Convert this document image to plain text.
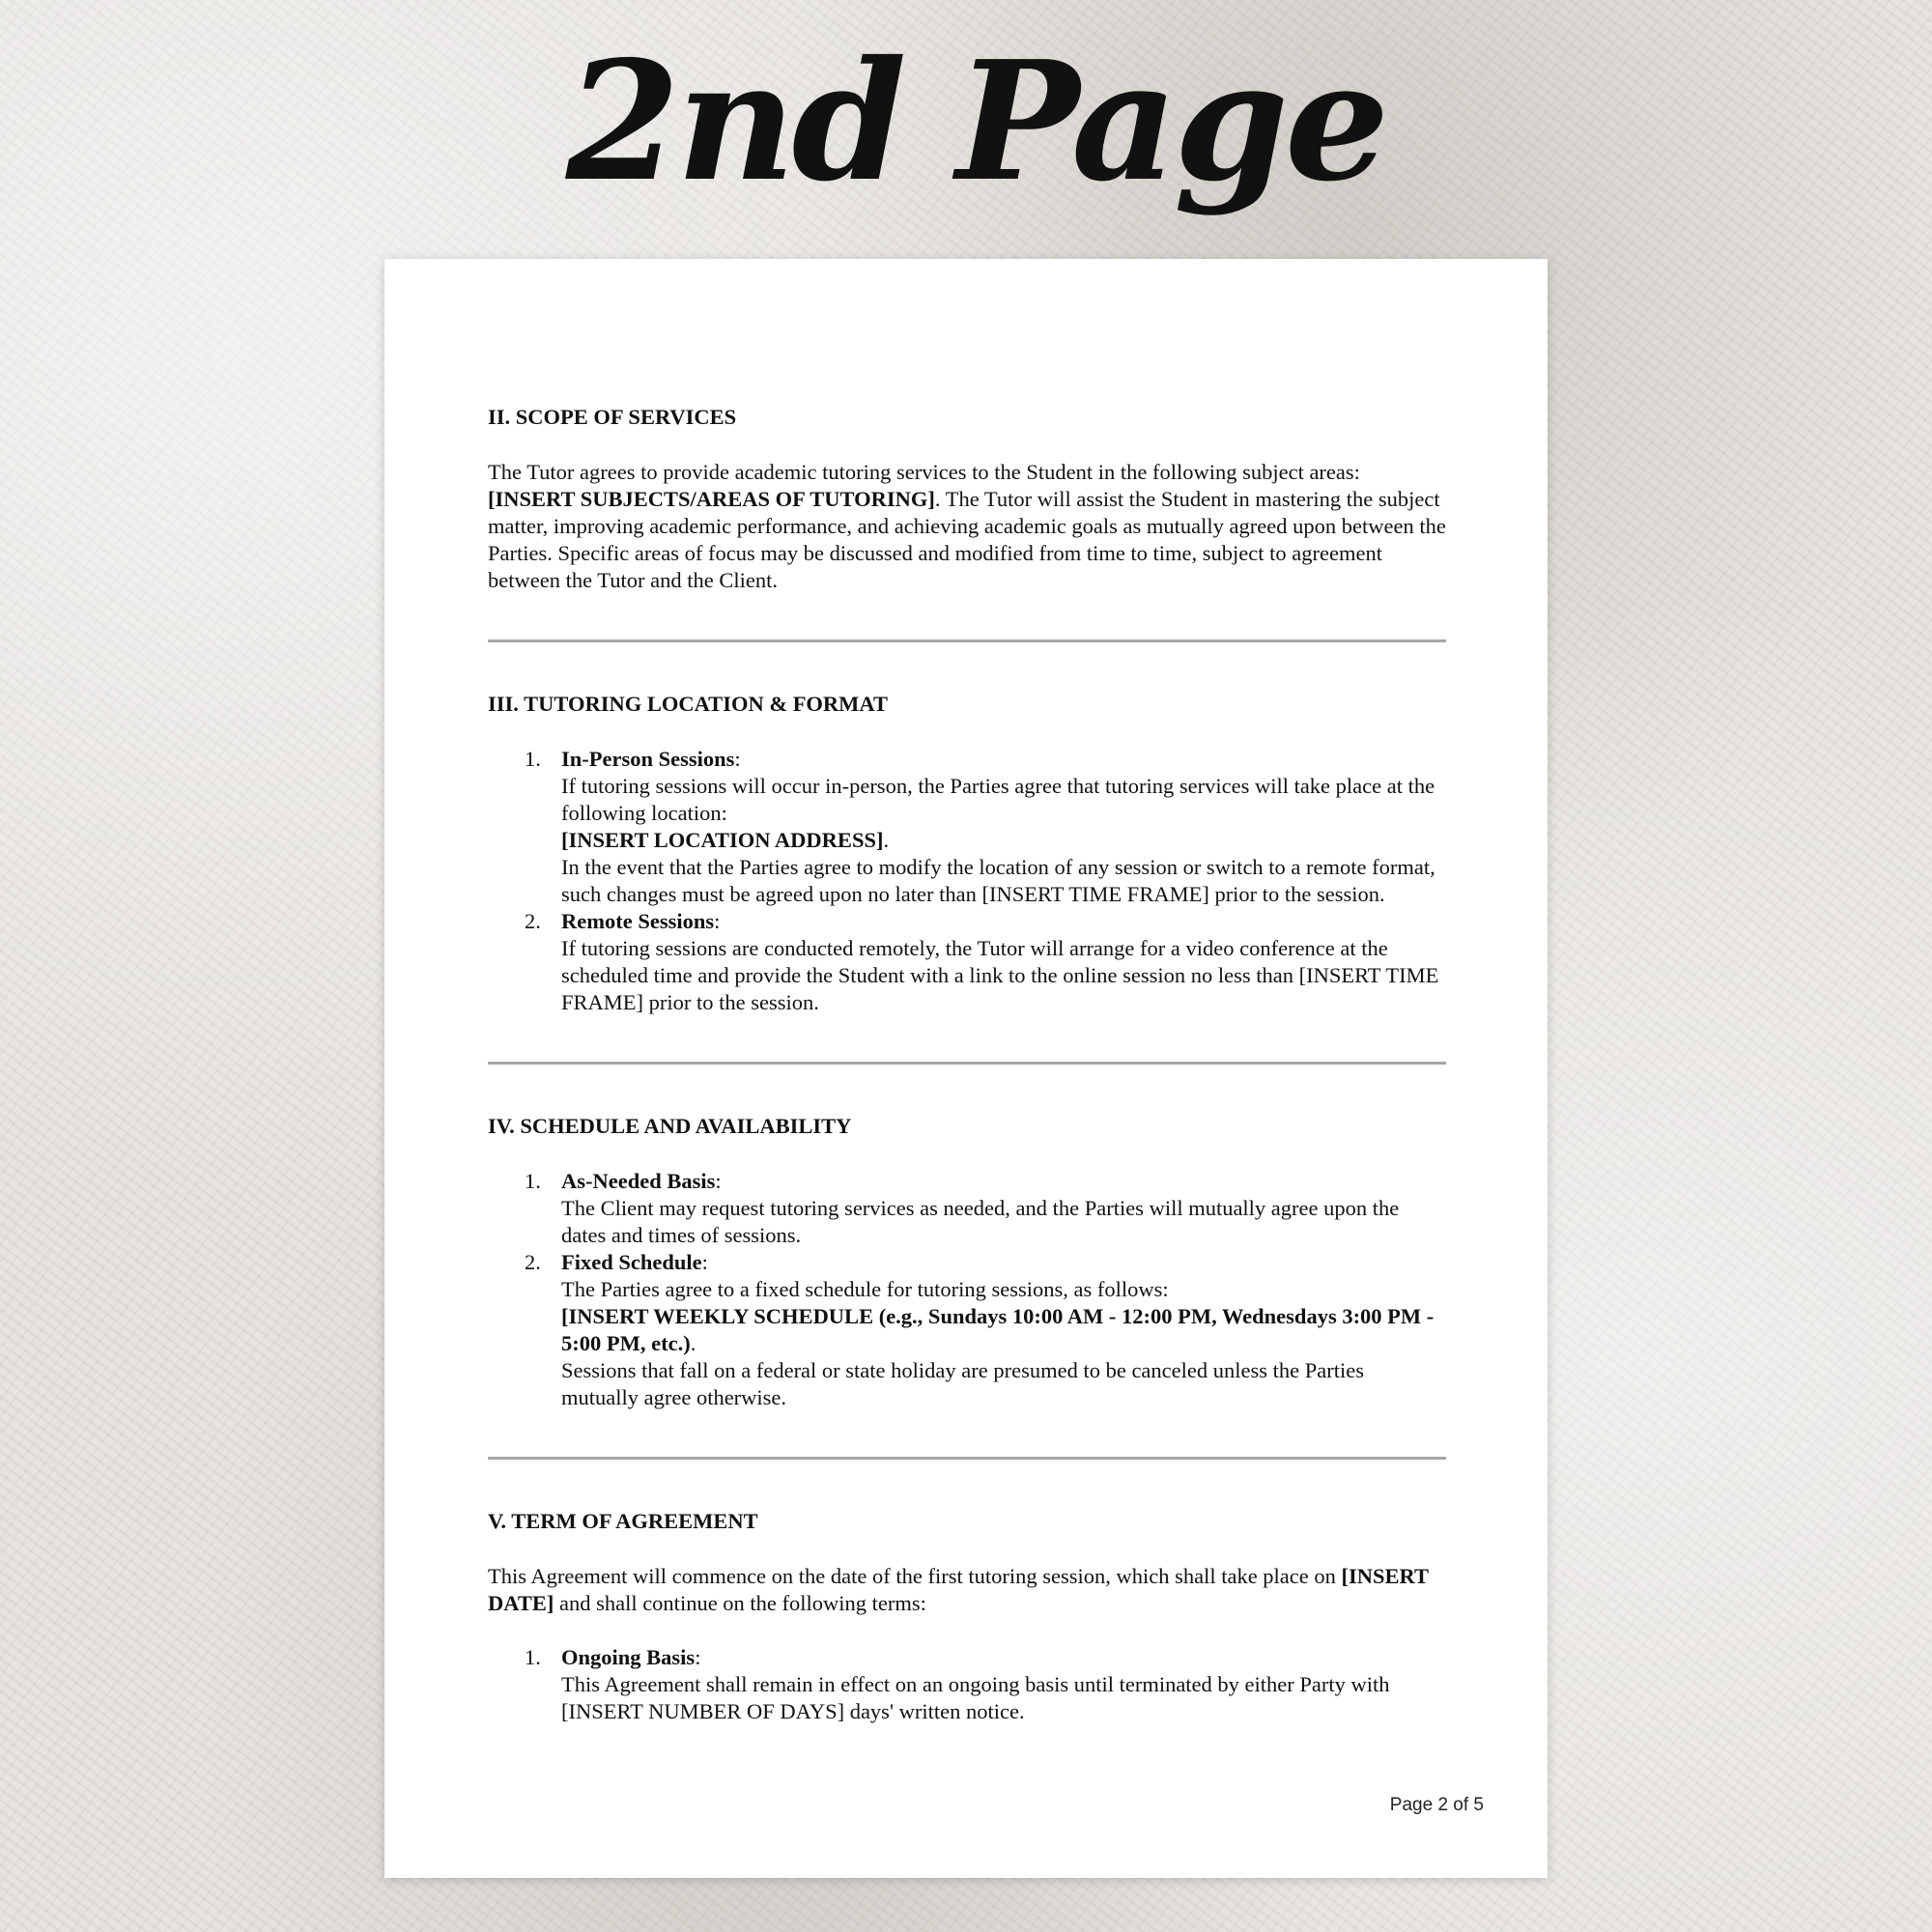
2nd Page

II. SCOPE OF SERVICES

The Tutor agrees to provide academic tutoring services to the Student in the following subject areas: [INSERT SUBJECTS/AREAS OF TUTORING]. The Tutor will assist the Student in mastering the subject matter, improving academic performance, and achieving academic goals as mutually agreed upon between the Parties. Specific areas of focus may be discussed and modified from time to time, subject to agreement between the Tutor and the Client.

III. TUTORING LOCATION & FORMAT

1. In-Person Sessions:
If tutoring sessions will occur in-person, the Parties agree that tutoring services will take place at the following location:
[INSERT LOCATION ADDRESS].
In the event that the Parties agree to modify the location of any session or switch to a remote format, such changes must be agreed upon no later than [INSERT TIME FRAME] prior to the session.
2. Remote Sessions:
If tutoring sessions are conducted remotely, the Tutor will arrange for a video conference at the scheduled time and provide the Student with a link to the online session no less than [INSERT TIME FRAME] prior to the session.

IV. SCHEDULE AND AVAILABILITY

1. As-Needed Basis:
The Client may request tutoring services as needed, and the Parties will mutually agree upon the dates and times of sessions.
2. Fixed Schedule:
The Parties agree to a fixed schedule for tutoring sessions, as follows:
[INSERT WEEKLY SCHEDULE (e.g., Sundays 10:00 AM - 12:00 PM, Wednesdays 3:00 PM - 5:00 PM, etc.).
Sessions that fall on a federal or state holiday are presumed to be canceled unless the Parties mutually agree otherwise.

V. TERM OF AGREEMENT

This Agreement will commence on the date of the first tutoring session, which shall take place on [INSERT DATE] and shall continue on the following terms:

1. Ongoing Basis:
This Agreement shall remain in effect on an ongoing basis until terminated by either Party with [INSERT NUMBER OF DAYS] days' written notice.
Page 2 of 5
